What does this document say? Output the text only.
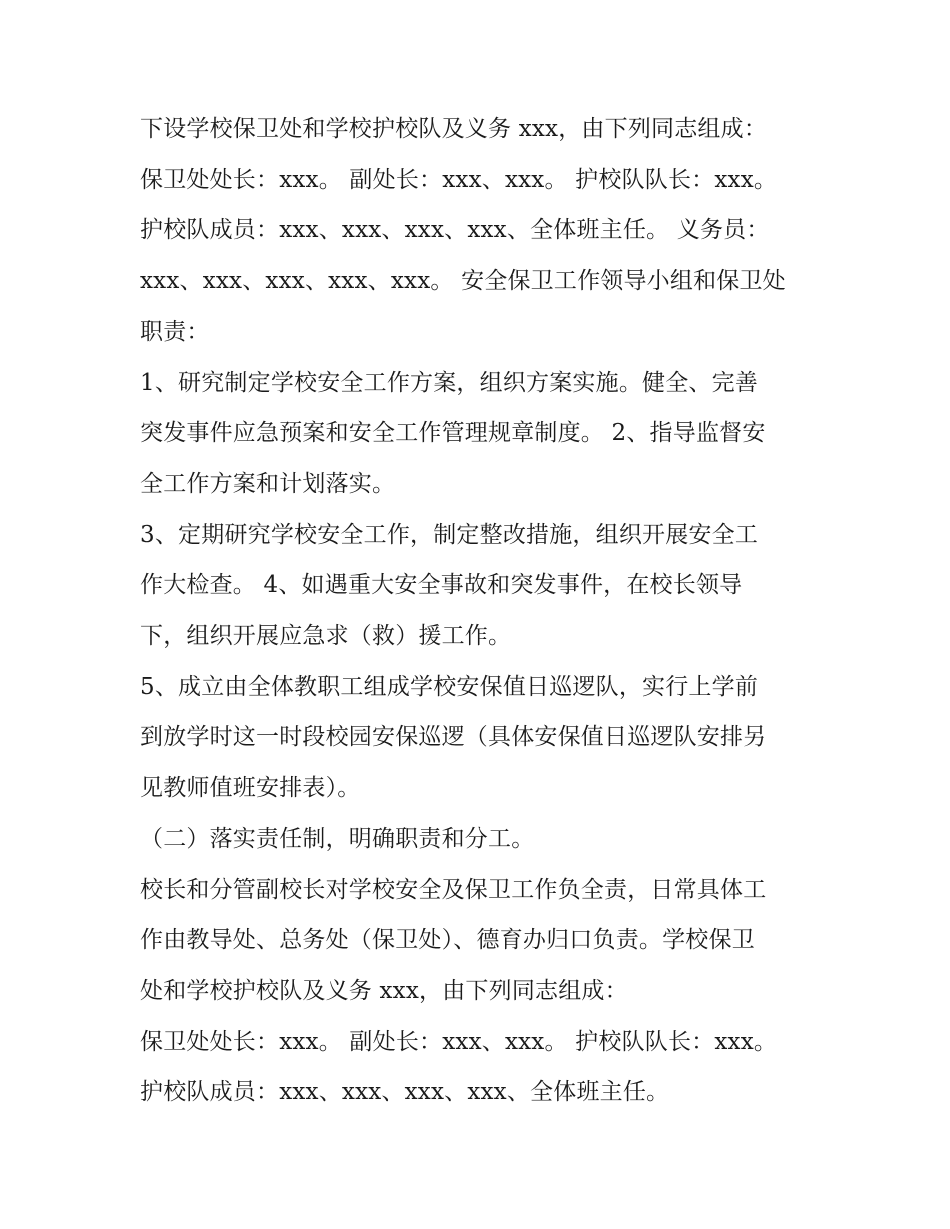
下设学校保卫处和学校护校队及义务 xxx，由下列同志组成：

保卫处处长：xxx。 副处长：xxx、xxx。 护校队队长：xxx。

护校队成员：xxx、xxx、xxx、xxx、全体班主任。 义务员：

xxx、xxx、xxx、xxx、xxx。 安全保卫工作领导小组和保卫处

职责：

1、研究制定学校安全工作方案，组织方案实施。健全、完善

突发事件应急预案和安全工作管理规章制度。 2、指导监督安

全工作方案和计划落实。

3、定期研究学校安全工作，制定整改措施，组织开展安全工

作大检查。 4、如遇重大安全事故和突发事件，在校长领导

下，组织开展应急求（救）援工作。

5、成立由全体教职工组成学校安保值日巡逻队，实行上学前

到放学时这一时段校园安保巡逻（具体安保值日巡逻队安排另

见教师值班安排表）。

（二）落实责任制，明确职责和分工。

校长和分管副校长对学校安全及保卫工作负全责，日常具体工

作由教导处、总务处（保卫处）、德育办归口负责。学校保卫

处和学校护校队及义务 xxx，由下列同志组成：

保卫处处长：xxx。 副处长：xxx、xxx。 护校队队长：xxx。

护校队成员：xxx、xxx、xxx、xxx、全体班主任。
